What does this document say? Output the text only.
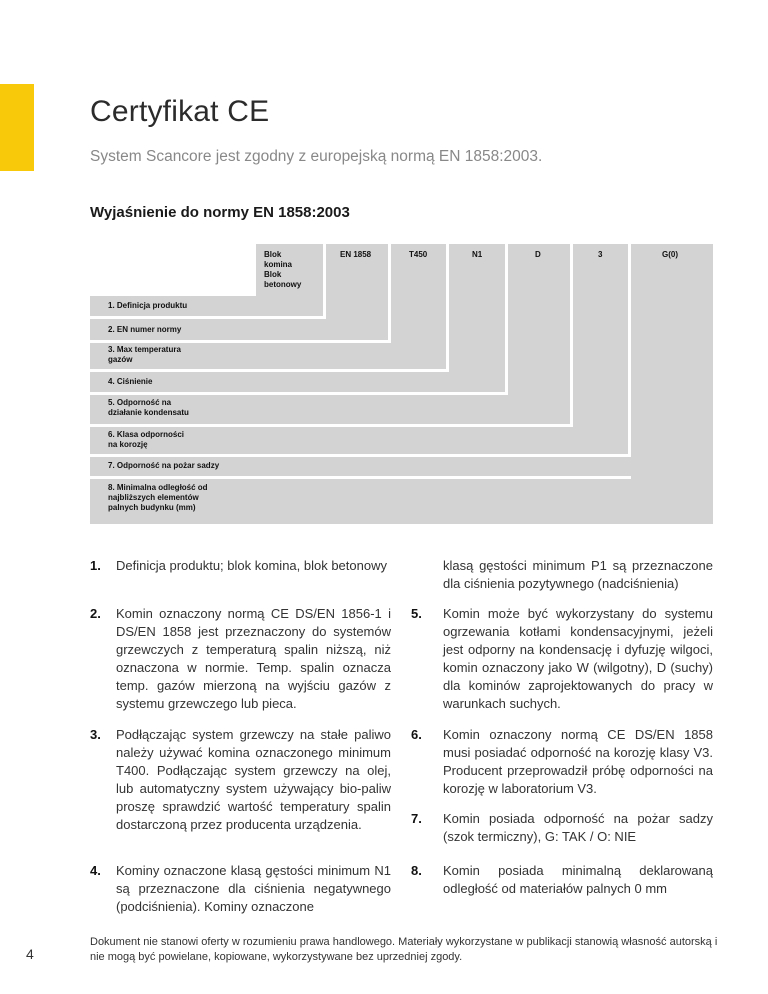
Certyfikat CE

System Scancore jest zgodny z europejską normą EN 1858:2003.

Wyjaśnienie do normy EN 1858:2003

Blok
komina
Blok
betonowy
EN 1858	T450	N1	D	3	G(0)
1. Definicja produktu
2. EN numer normy
3. Max temperatura
gazów
4. Ciśnienie
5. Odporność na
działanie kondensatu
6. Klasa odporności
na korozję
7. Odporność na pożar sadzy
8. Minimalna odległość od
najbliższych elementów
palnych budynku (mm)
1. Definicja produktu; blok komina, blok betonowy
2. Komin oznaczony normą CE DS/EN 1856-1 i DS/EN 1858 jest przeznaczony do systemów grzewczych z temperaturą spalin niższą, niż oznaczona w normie. Temp. spalin oznacza temp. gazów mierzoną na wyjściu gazów z systemu grzewczego lub pieca.
3. Podłączając system grzewczy na stałe paliwo należy używać komina oznaczonego minimum T400. Podłączając system grzewczy na olej, lub automatyczny system używający bio-paliw proszę sprawdzić wartość temperatury spalin dostarczoną przez producenta urządzenia.
4. Kominy oznaczone klasą gęstości minimum N1 są przeznaczone dla ciśnienia negatywnego (podciśnienia). Kominy oznaczone
klasą gęstości minimum P1 są przeznaczone dla ciśnienia pozytywnego (nadciśnienia)
5. Komin może być wykorzystany do systemu ogrzewania kotłami kondensacyjnymi, jeżeli jest odporny na kondensację i dyfuzję wilgoci, komin oznaczony jako W (wilgotny), D (suchy) dla kominów zaprojektowanych do pracy w warunkach suchych.
6. Komin oznaczony normą CE DS/EN 1858 musi posiadać odporność na korozję klasy V3. Producent przeprowadził próbę odporności na korozję w laboratorium V3.
7. Komin posiada odporność na pożar sadzy (szok termiczny), G: TAK / O: NIE
8. Komin posiada minimalną deklarowaną odległość od materiałów palnych 0 mm
4
Dokument nie stanowi oferty w rozumieniu prawa handlowego. Materiały wykorzystane w publikacji stanowią własność autorską i nie mogą być powielane, kopiowane, wykorzystywane bez uprzedniej zgody.
